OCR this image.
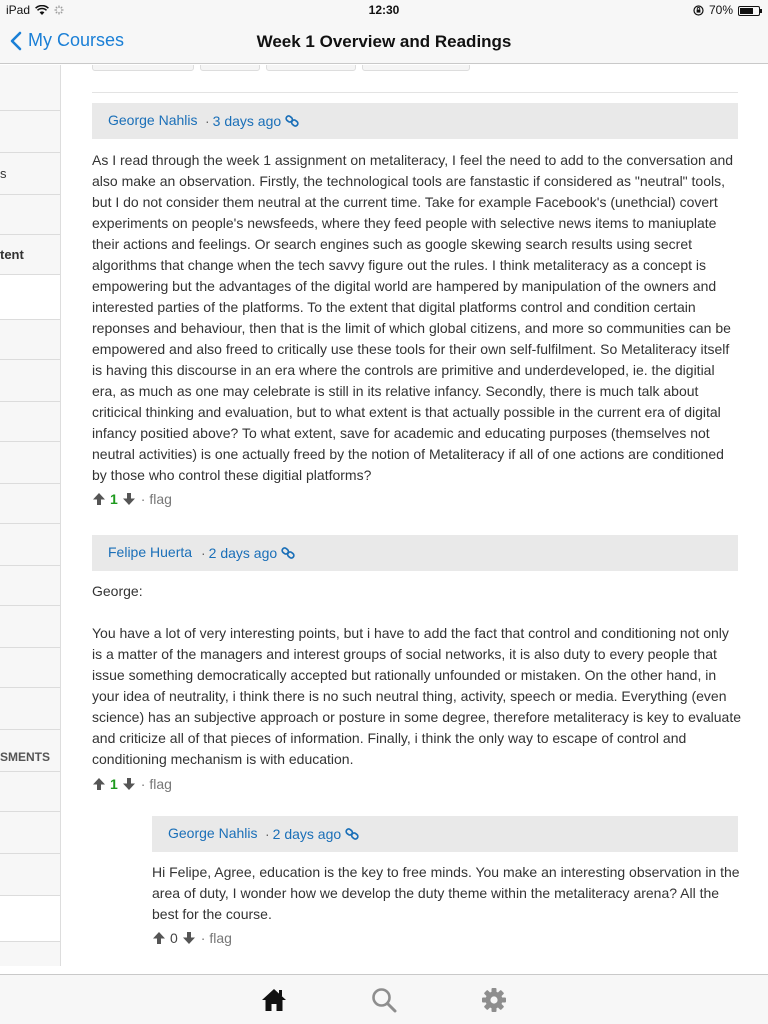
iPad	12:30	70%
My Courses	Week 1 Overview and Readings
s
tent
SMENTS
George Nahlis · 3 days ago

As I read through the week 1 assignment on metaliteracy, I feel the need to add to the conversation and also make an observation. Firstly, the technological tools are fanstastic if considered as "neutral" tools, but I do not consider them neutral at the current time. Take for example Facebook's (unethcial) covert experiments on people's newsfeeds, where they feed people with selective news items to maniuplate their actions and feelings. Or search engines such as google skewing search results using secret algorithms that change when the tech savvy figure out the rules. I think metaliteracy as a concept is empowering but the advantages of the digital world are hampered by manipulation of the owners and interested parties of the platforms. To the extent that digital platforms control and condition certain reponses and behaviour, then that is the limit of which global citizens, and more so communities can be empowered and also freed to critically use these tools for their own self-fulfilment. So Metaliteracy itself is having this discourse in an era where the controls are primitive and underdeveloped, ie. the digitial era, as much as one may celebrate is still in its relative infancy. Secondly, there is much talk about criticical thinking and evaluation, but to what extent is that actually possible in the current era of digital infancy positied above? To what extent, save for academic and educating purposes (themselves not neutral activities) is one actually freed by the notion of Metaliteracy if all of one actions are conditioned by those who control these digitial platforms?

1 · flag
Felipe Huerta · 2 days ago

George:

You have a lot of very interesting points, but i have to add the fact that control and conditioning not only is a matter of the managers and interest groups of social networks, it is also duty to every people that issue something democratically accepted but rationally unfounded or mistaken. On the other hand, in your idea of neutrality, i think there is no such neutral thing, activity, speech or media. Everything (even science) has an subjective approach or posture in some degree, therefore metaliteracy is key to evaluate and criticize all of that pieces of information. Finally, i think the only way to escape of control and conditioning mechanism is with education.

1 · flag
George Nahlis · 2 days ago

Hi Felipe, Agree, education is the key to free minds. You make an interesting observation in the area of duty, I wonder how we develop the duty theme within the metaliteracy arena? All the best for the course.

0 · flag
